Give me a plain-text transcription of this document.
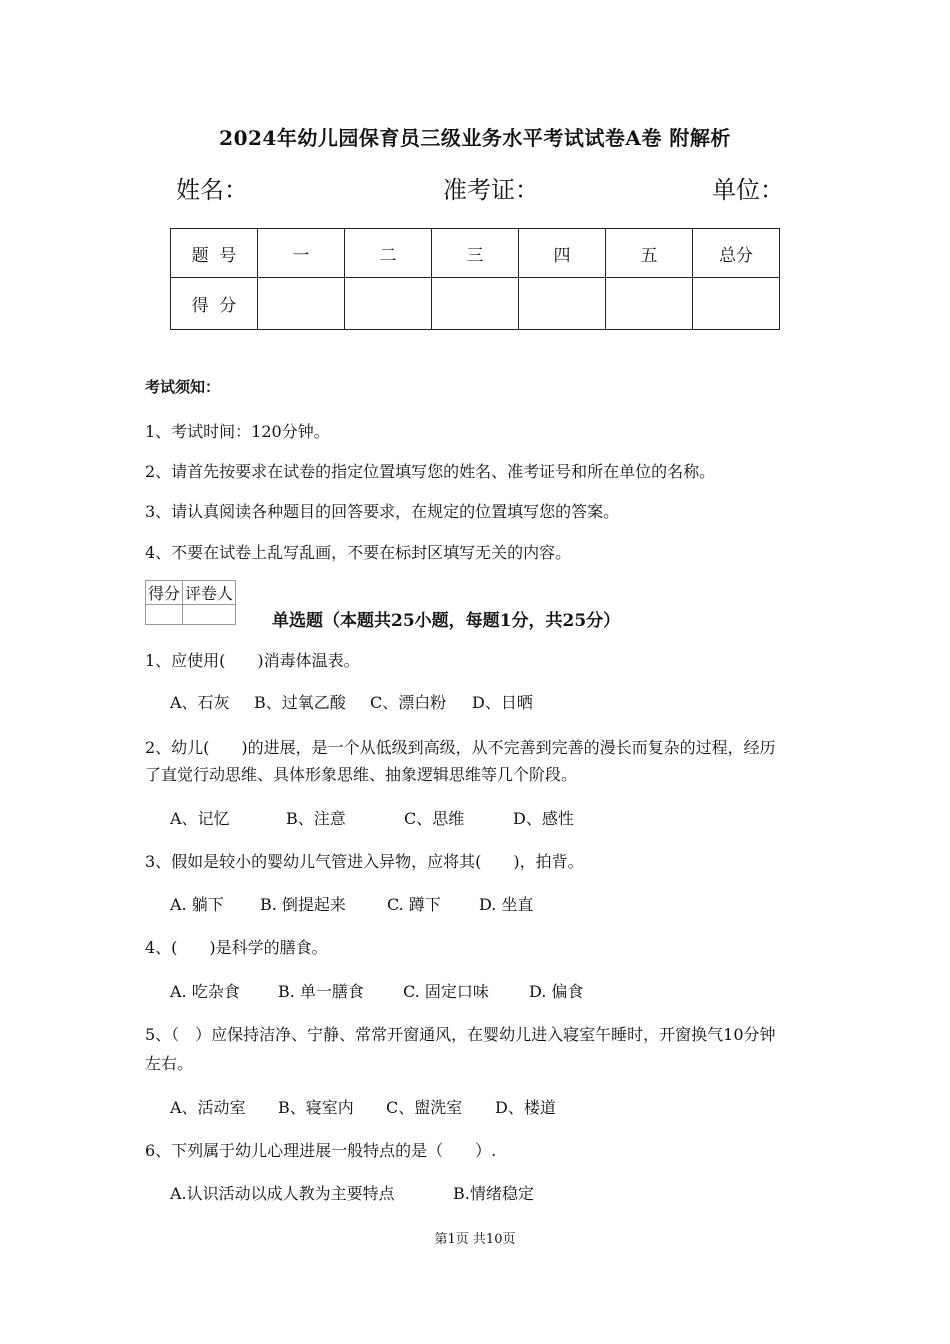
2024年幼儿园保育员三级业务水平考试试卷A卷 附解析
姓名：	准考证：	单位：
题  号	一	二	三	四	五	总分
得  分						
考试须知：
1、考试时间：120分钟。
2、请首先按要求在试卷的指定位置填写您的姓名、准考证号和所在单位的名称。
3、请认真阅读各种题目的回答要求，在规定的位置填写您的答案。
4、不要在试卷上乱写乱画，不要在标封区填写无关的内容。
得分	评卷人

单选题（本题共25小题，每题1分，共25分）
1、应使用(　　)消毒体温表。
A、石灰 B、过氧乙酸 C、漂白粉 D、日晒
2、幼儿(　　)的进展，是一个从低级到高级，从不完善到完善的漫长而复杂的过程，经历
了直觉行动思维、具体形象思维、抽象逻辑思维等几个阶段。
A、记忆	B、注意	C、思维	D、感性
3、假如是较小的婴幼儿气管进入异物，应将其(　　)，拍背。
A. 躺下 B. 倒提起来	C. 蹲下 D. 坐直
4、(　　)是科学的膳食。
A. 吃杂食 B. 单一膳食 C. 固定口味	D. 偏食
5、（　）应保持洁净、宁静、常常开窗通风，在婴幼儿进入寝室午睡时，开窗换气10分钟
左右。
A、活动室 B、寝室内 C、盥洗室 D、楼道
6、下列属于幼儿心理进展一般特点的是（　　）.
A.认识活动以成人教为主要特点	B.情绪稳定
第1页 共10页
